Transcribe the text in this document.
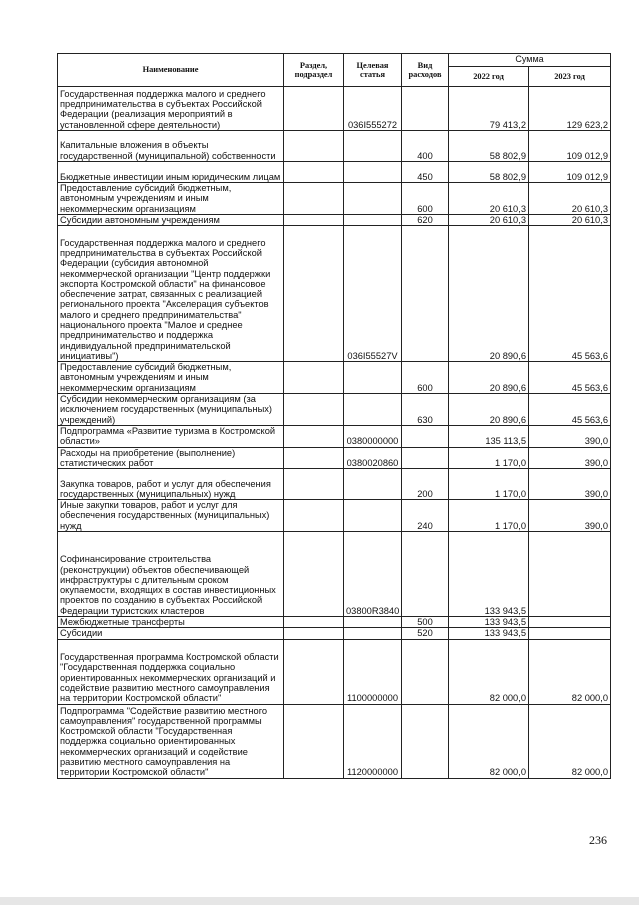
Наименование	Раздел, подраздел	Целевая статья	Вид расходов	Сумма	
				2022 год	2023 год
Государственная поддержка малого и среднего предпринимательства в субъектах Российской Федерации (реализация мероприятий в установленной сфере деятельности)		036I555272		79 413,2	129 623,2
Капитальные вложения в объекты государственной (муниципальной) собственности			400	58 802,9	109 012,9
Бюджетные инвестиции иным юридическим лицам			450	58 802,9	109 012,9
Предоставление субсидий бюджетным, автономным учреждениям и иным некоммерческим организациям			600	20 610,3	20 610,3
Субсидии автономным учреждениям			620	20 610,3	20 610,3
Государственная поддержка малого и среднего предпринимательства в субъектах Российской Федерации (субсидия автономной некоммерческой организации "Центр поддержки экспорта Костромской области" на финансовое обеспечение затрат, связанных с реализацией регионального проекта "Акселерация субъектов малого и среднего предпринимательства" национального проекта "Малое и среднее предпринимательство и поддержка индивидуальной предпринимательской инициативы")		036I55527V		20 890,6	45 563,6
Предоставление субсидий бюджетным, автономным учреждениям и иным некоммерческим организациям			600	20 890,6	45 563,6
Субсидии некоммерческим организациям (за исключением государственных (муниципальных) учреждений)			630	20 890,6	45 563,6
Подпрограмма «Развитие туризма в Костромской области»		0380000000		135 113,5	390,0
Расходы на приобретение (выполнение) статистических работ		0380020860		1 170,0	390,0
Закупка товаров, работ и услуг для обеспечения государственных (муниципальных) нужд			200	1 170,0	390,0
Иные закупки товаров, работ и услуг для обеспечения государственных (муниципальных) нужд			240	1 170,0	390,0
Софинансирование строительства (реконструкции) объектов обеспечивающей инфраструктуры с длительным сроком окупаемости, входящих в состав инвестиционных проектов по созданию в субъектах Российской Федерации туристских кластеров		03800R3840		133 943,5	
Межбюджетные трансферты			500	133 943,5	
Субсидии			520	133 943,5	
Государственная программа Костромской области "Государственная поддержка социально ориентированных некоммерческих организаций и содействие развитию местного самоуправления на территории Костромской области"		1100000000		82 000,0	82 000,0
Подпрограмма "Содействие развитию местного самоуправления" государственной программы Костромской области "Государственная поддержка социально ориентированных некоммерческих организаций и содействие развитию местного самоуправления на территории Костромской области"		1120000000		82 000,0	82 000,0
236
